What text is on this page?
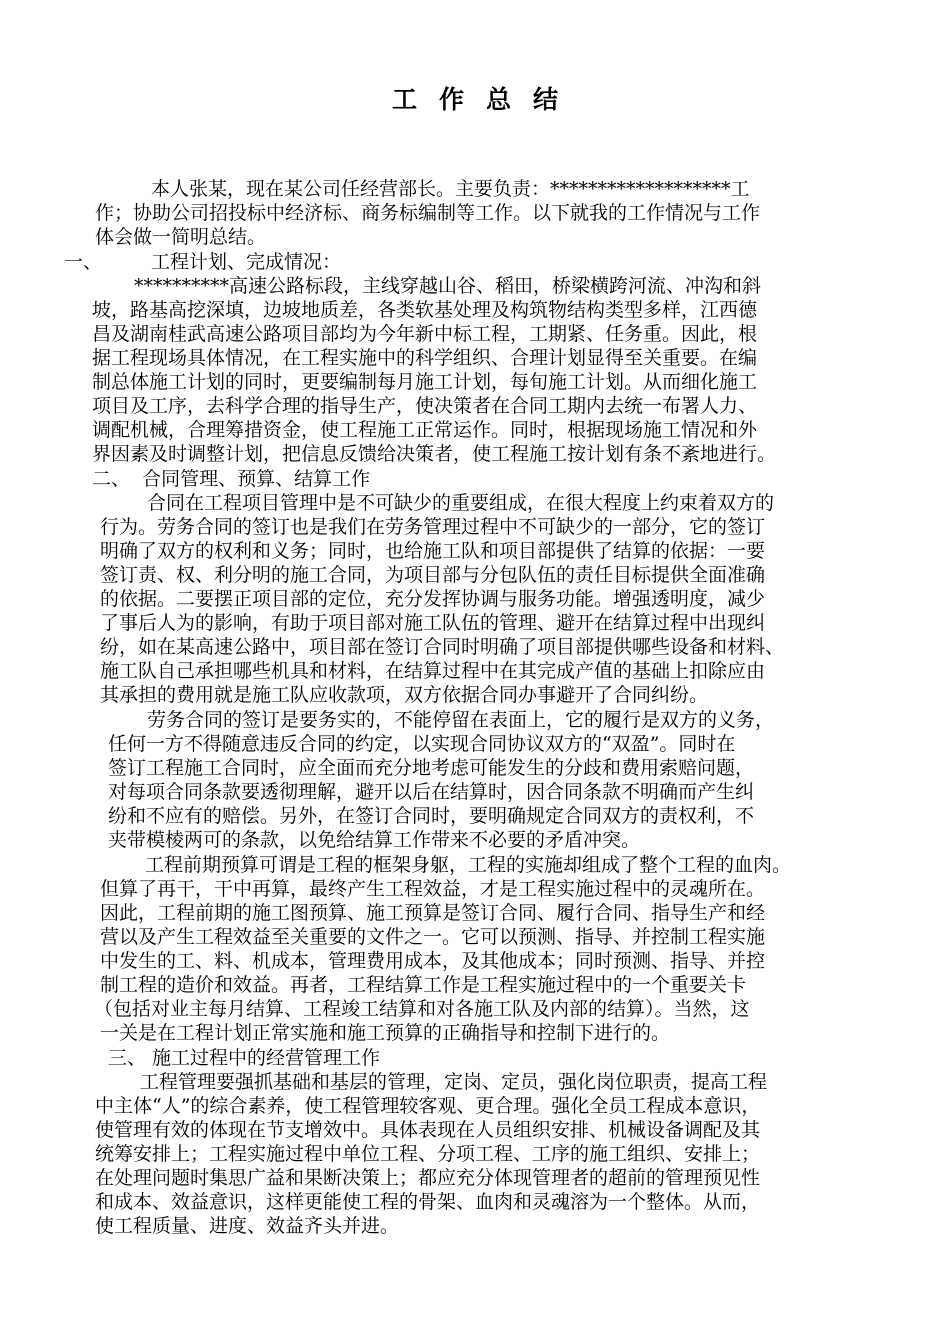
工作总结
本人张某，现在某公司任经营部长。主要负责：*******************工
作；协助公司招投标中经济标、商务标编制等工作。以下就我的工作情况与工作
体会做一简明总结。
一、	工程计划、完成情况：
**********高速公路标段，主线穿越山谷、稻田，桥梁横跨河流、冲沟和斜
坡，路基高挖深填，边坡地质差，各类软基处理及构筑物结构类型多样，江西德
昌及湖南桂武高速公路项目部均为今年新中标工程，工期紧、任务重。因此，根
据工程现场具体情况，在工程实施中的科学组织、合理计划显得至关重要。在编
制总体施工计划的同时，更要编制每月施工计划，每旬施工计划。从而细化施工
项目及工序，去科学合理的指导生产，使决策者在合同工期内去统一布署人力、
调配机械，合理筹措资金，使工程施工正常运作。同时，根据现场施工情况和外
界因素及时调整计划，把信息反馈给决策者，使工程施工按计划有条不紊地进行。
二、  合同管理、预算、结算工作
合同在工程项目管理中是不可缺少的重要组成，在很大程度上约束着双方的
行为。劳务合同的签订也是我们在劳务管理过程中不可缺少的一部分，它的签订
明确了双方的权利和义务；同时，也给施工队和项目部提供了结算的依据：一要
签订责、权、利分明的施工合同，为项目部与分包队伍的责任目标提供全面准确
的依据。二要摆正项目部的定位，充分发挥协调与服务功能。增强透明度，减少
了事后人为的影响，有助于项目部对施工队伍的管理、避开在结算过程中出现纠
纷，如在某高速公路中，项目部在签订合同时明确了项目部提供哪些设备和材料、
施工队自己承担哪些机具和材料，在结算过程中在其完成产值的基础上扣除应由
其承担的费用就是施工队应收款项，双方依据合同办事避开了合同纠纷。
劳务合同的签订是要务实的，不能停留在表面上，它的履行是双方的义务，
任何一方不得随意违反合同的约定，以实现合同协议双方的“双盈”。同时在
签订工程施工合同时，应全面而充分地考虑可能发生的分歧和费用索赔问题，
对每项合同条款要透彻理解，避开以后在结算时，因合同条款不明确而产生纠
纷和不应有的赔偿。另外，在签订合同时，要明确规定合同双方的责权利，不
夹带模棱两可的条款，以免给结算工作带来不必要的矛盾冲突。
工程前期预算可谓是工程的框架身躯，工程的实施却组成了整个工程的血肉。
但算了再干，干中再算，最终产生工程效益，才是工程实施过程中的灵魂所在。
因此，工程前期的施工图预算、施工预算是签订合同、履行合同、指导生产和经
营以及产生工程效益至关重要的文件之一。它可以预测、指导、并控制工程实施
中发生的工、料、机成本，管理费用成本，及其他成本；同时预测、指导、并控
制工程的造价和效益。再者，工程结算工作是工程实施过程中的一个重要关卡
（包括对业主每月结算、工程竣工结算和对各施工队及内部的结算）。当然，这
一关是在工程计划正常实施和施工预算的正确指导和控制下进行的。
三、 施工过程中的经营管理工作
工程管理要强抓基础和基层的管理，定岗、定员，强化岗位职责，提高工程
中主体“人”的综合素养，使工程管理较客观、更合理。强化全员工程成本意识，
使管理有效的体现在节支增效中。具体表现在人员组织安排、机械设备调配及其
统筹安排上；工程实施过程中单位工程、分项工程、工序的施工组织、安排上；
在处理问题时集思广益和果断决策上；都应充分体现管理者的超前的管理预见性
和成本、效益意识，这样更能使工程的骨架、血肉和灵魂溶为一个整体。从而，
使工程质量、进度、效益齐头并进。
